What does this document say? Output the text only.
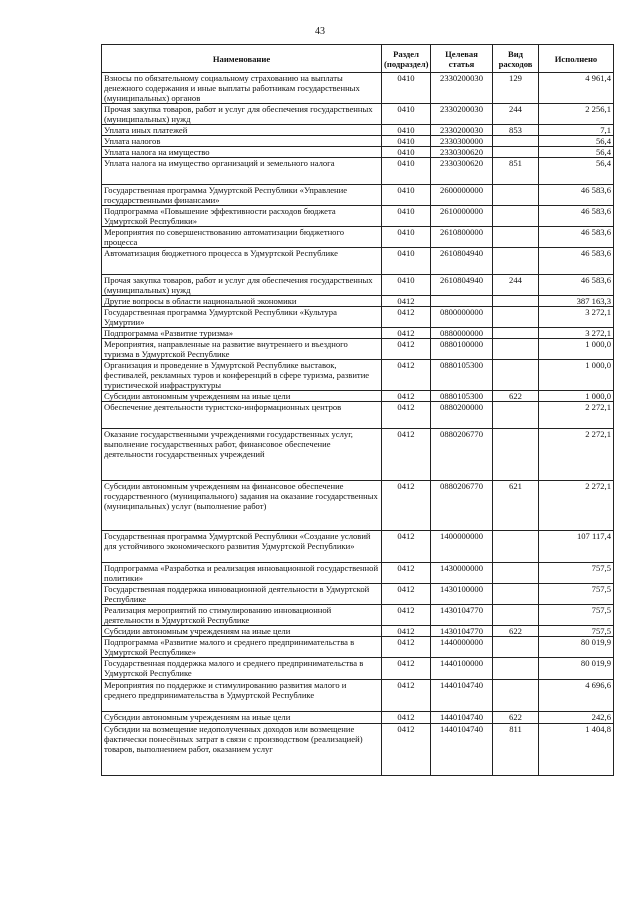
43
Наименование	Раздел (подраздел)	Целевая статья	Вид расходов	Исполнено
Взносы по обязательному социальному страхованию на выплаты денежного содержания и иные выплаты работникам государственных (муниципальных) органов	0410	2330200030	129	4 961,4
Прочая закупка товаров, работ и услуг для обеспечения государственных (муниципальных) нужд	0410	2330200030	244	2 256,1
Уплата иных платежей	0410	2330200030	853	7,1
Уплата налогов	0410	2330300000		56,4
Уплата налога на имущество	0410	2330300620		56,4
Уплата налога на имущество организаций и земельного налога	0410	2330300620	851	56,4
Государственная программа Удмуртской Республики «Управление государственными финансами»	0410	2600000000		46 583,6
Подпрограмма «Повышение эффективности расходов бюджета Удмуртской Республики»	0410	2610000000		46 583,6
Мероприятия по совершенствованию автоматизации бюджетного процесса	0410	2610800000		46 583,6
Автоматизация бюджетного процесса в Удмуртской Республике	0410	2610804940		46 583,6
Прочая закупка товаров, работ и услуг для обеспечения государственных (муниципальных) нужд	0410	2610804940	244	46 583,6
Другие вопросы в области национальной экономики	0412			387 163,3
Государственная программа Удмуртской Республики «Культура Удмуртии»	0412	0800000000		3 272,1
Подпрограмма «Развитие туризма»	0412	0880000000		3 272,1
Мероприятия, направленные на развитие внутреннего и въездного туризма в Удмуртской Республике	0412	0880100000		1 000,0
Организация и проведение в Удмуртской Республике выставок, фестивалей, рекламных туров и конференций в сфере туризма, развитие туристической инфраструктуры	0412	0880105300		1 000,0
Субсидии автономным учреждениям на иные цели	0412	0880105300	622	1 000,0
Обеспечение деятельности туристско-информационных центров	0412	0880200000		2 272,1
Оказание государственными учреждениями государственных услуг, выполнение государственных работ, финансовое обеспечение деятельности государственных учреждений	0412	0880206770		2 272,1
Субсидии автономным учреждениям на финансовое обеспечение государственного (муниципального) задания на оказание государственных (муниципальных) услуг (выполнение работ)	0412	0880206770	621	2 272,1
Государственная программа Удмуртской Республики «Создание условий для устойчивого экономического развития Удмуртской Республики»	0412	1400000000		107 117,4
Подпрограмма «Разработка и реализация инновационной государственной политики»	0412	1430000000		757,5
Государственная поддержка инновационной деятельности в Удмуртской Республике	0412	1430100000		757,5
Реализация мероприятий по стимулированию инновационной деятельности в Удмуртской Республике	0412	1430104770		757,5
Субсидии автономным учреждениям на иные цели	0412	1430104770	622	757,5
Подпрограмма «Развитие малого и среднего предпринимательства в Удмуртской Республике»	0412	1440000000		80 019,9
Государственная поддержка малого и среднего предпринимательства в Удмуртской Республике	0412	1440100000		80 019,9
Мероприятия по поддержке и стимулированию развития малого и среднего предпринимательства в Удмуртской Республике	0412	1440104740		4 696,6
Субсидии автономным учреждениям на иные цели	0412	1440104740	622	242,6
Субсидии на возмещение недополученных доходов или возмещение фактически понесённых затрат в связи с производством (реализацией) товаров, выполнением работ, оказанием услуг	0412	1440104740	811	1 404,8
